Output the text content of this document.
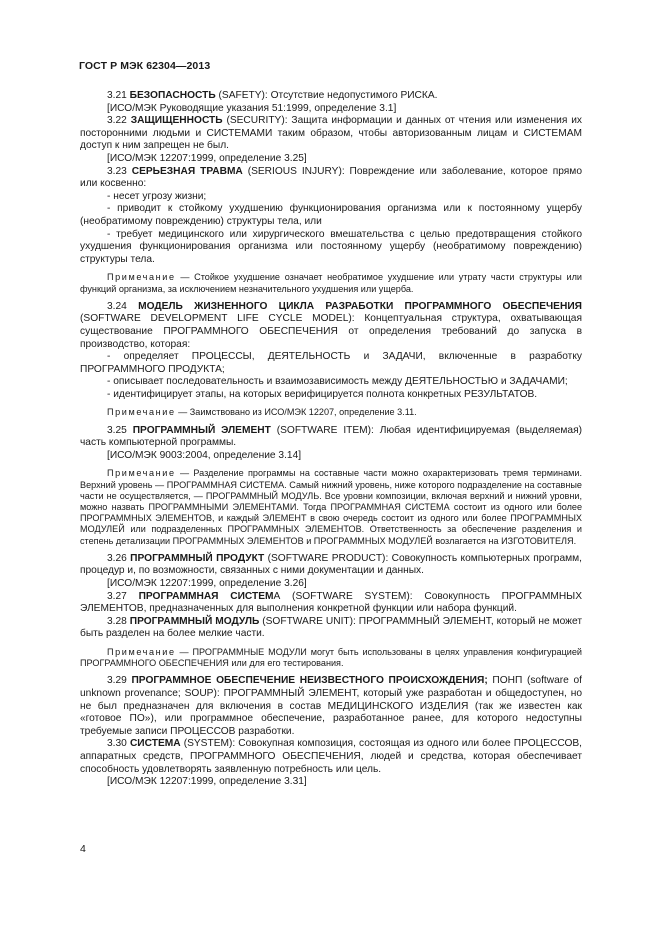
ГОСТ Р МЭК 62304—2013

3.21 БЕЗОПАСНОСТЬ (SAFETY): Отсутствие недопустимого РИСКА.

[ИСО/МЭК Руководящие указания 51:1999, определение 3.1]

3.22 ЗАЩИЩЕННОСТЬ (SECURITY): Защита информации и данных от чтения или изменения их посторонними людьми и СИСТЕМАМИ таким образом, чтобы авторизованным лицам и СИСТЕМАМ доступ к ним запрещен не был.

[ИСО/МЭК 12207:1999, определение 3.25]

3.23 СЕРЬЕЗНАЯ ТРАВМА (SERIOUS INJURY): Повреждение или заболевание, которое прямо или косвенно:

- несет угрозу жизни;

- приводит к стойкому ухудшению функционирования организма или к постоянному ущербу (необратимому повреждению) структуры тела, или

- требует медицинского или хирургического вмешательства с целью предотвращения стойкого ухудшения функционирования организма или постоянному ущербу (необратимому повреждению) структуры тела.

Примечание — Стойкое ухудшение означает необратимое ухудшение или утрату части структуры или функций организма, за исключением незначительного ухудшения или ущерба.

3.24 МОДЕЛЬ ЖИЗНЕННОГО ЦИКЛА РАЗРАБОТКИ ПРОГРАММНОГО ОБЕСПЕЧЕНИЯ (SOFTWARE DEVELOPMENT LIFE CYCLE MODEL): Концептуальная структура, охватывающая существование ПРОГРАММНОГО ОБЕСПЕЧЕНИЯ от определения требований до запуска в производство, которая:

- определяет ПРОЦЕССЫ, ДЕЯТЕЛЬНОСТЬ и ЗАДАЧИ, включенные в разработку ПРОГРАММНОГО ПРОДУКТА;

- описывает последовательность и взаимозависимость между ДЕЯТЕЛЬНОСТЬЮ и ЗАДАЧАМИ;

- идентифицирует этапы, на которых верифицируется полнота конкретных РЕЗУЛЬТАТОВ.

Примечание — Заимствовано из ИСО/МЭК 12207, определение 3.11.

3.25 ПРОГРАММНЫЙ ЭЛЕМЕНТ (SOFTWARE ITEM): Любая идентифицируемая (выделяемая) часть компьютерной программы.

[ИСО/МЭК 9003:2004, определение 3.14]

Примечание — Разделение программы на составные части можно охарактеризовать тремя терминами. Верхний уровень — ПРОГРАММНАЯ СИСТЕМА. Самый нижний уровень, ниже которого подразделение на составные части не осуществляется, — ПРОГРАММНЫЙ МОДУЛЬ. Все уровни композиции, включая верхний и нижний уровни, можно назвать ПРОГРАММНЫМИ ЭЛЕМЕНТАМИ. Тогда ПРОГРАММНАЯ СИСТЕМА состоит из одного или более ПРОГРАММНЫХ ЭЛЕМЕНТОВ, и каждый ЭЛЕМЕНТ в свою очередь состоит из одного или более ПРОГРАММНЫХ МОДУЛЕЙ или подразделенных ПРОГРАММНЫХ ЭЛЕМЕНТОВ. Ответственность за обеспечение разделения и степень детализации ПРОГРАММНЫХ ЭЛЕМЕНТОВ и ПРОГРАММНЫХ МОДУЛЕЙ возлагается на ИЗГОТОВИТЕЛЯ.

3.26 ПРОГРАММНЫЙ ПРОДУКТ (SOFTWARE PRODUCT): Совокупность компьютерных программ, процедур и, по возможности, связанных с ними документации и данных.

[ИСО/МЭК 12207:1999, определение 3.26]

3.27 ПРОГРАММНАЯ СИСТЕМА (SOFTWARE SYSTEM): Совокупность ПРОГРАММНЫХ ЭЛЕМЕНТОВ, предназначенных для выполнения конкретной функции или набора функций.

3.28 ПРОГРАММНЫЙ МОДУЛЬ (SOFTWARE UNIT): ПРОГРАММНЫЙ ЭЛЕМЕНТ, который не может быть разделен на более мелкие части.

Примечание — ПРОГРАММНЫЕ МОДУЛИ могут быть использованы в целях управления конфигурацией ПРОГРАММНОГО ОБЕСПЕЧЕНИЯ или для его тестирования.

3.29 ПРОГРАММНОЕ ОБЕСПЕЧЕНИЕ НЕИЗВЕСТНОГО ПРОИСХОЖДЕНИЯ; ПОНП (software of unknown provenance; SOUP): ПРОГРАММНЫЙ ЭЛЕМЕНТ, который уже разработан и общедоступен, но не был предназначен для включения в состав МЕДИЦИНСКОГО ИЗДЕЛИЯ (так же известен как «готовое ПО»), или программное обеспечение, разработанное ранее, для которого недоступны требуемые записи ПРОЦЕССОВ разработки.

3.30 СИСТЕМА (SYSTEM): Совокупная композиция, состоящая из одного или более ПРОЦЕССОВ, аппаратных средств, ПРОГРАММНОГО ОБЕСПЕЧЕНИЯ, людей и средства, которая обеспечивает способность удовлетворять заявленную потребность или цель.

[ИСО/МЭК 12207:1999, определение 3.31]

4
